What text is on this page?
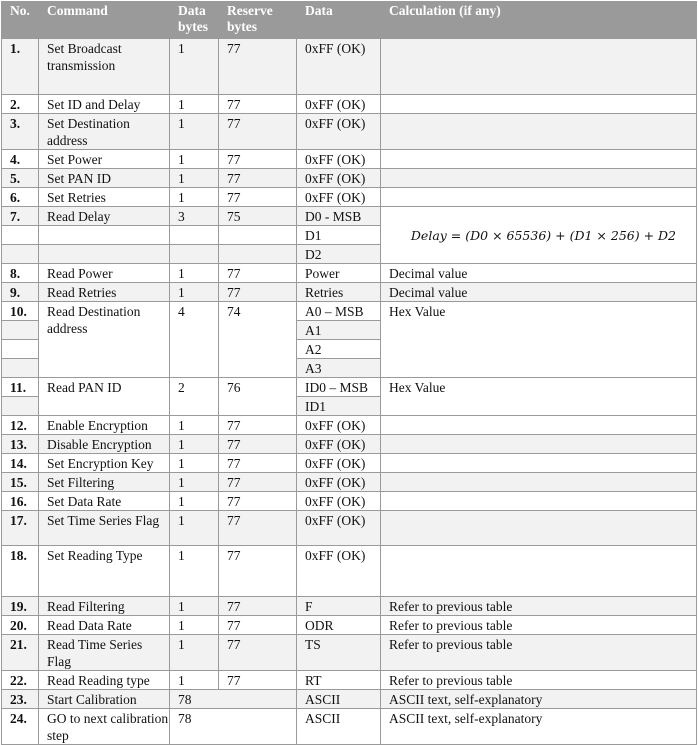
No.	Command	Data bytes	Reserve bytes	Data	Calculation (if any)
1.	Set Broadcast transmission	1	77	0xFF (OK)	
2.	Set ID and Delay	1	77	0xFF (OK)	
3.	Set Destination address	1	77	0xFF (OK)	
4.	Set Power	1	77	0xFF (OK)	
5.	Set PAN ID	1	77	0xFF (OK)	
6.	Set Retries	1	77	0xFF (OK)	
7.	Read Delay	3	75	D0 - MSB	Delay = (D0 × 65536) + (D1 × 256) + D2
				D1	
				D2	
8.	Read Power	1	77	Power	Decimal value
9.	Read Retries	1	77	Retries	Decimal value
10.	Read Destination address	4	74	A0 – MSB	Hex Value
				A1	
				A2	
				A3	
11.	Read PAN ID	2	76	ID0 – MSB	Hex Value
				ID1	
12.	Enable Encryption	1	77	0xFF (OK)	
13.	Disable Encryption	1	77	0xFF (OK)	
14.	Set Encryption Key	1	77	0xFF (OK)	
15.	Set Filtering	1	77	0xFF (OK)	
16.	Set Data Rate	1	77	0xFF (OK)	
17.	Set Time Series Flag	1	77	0xFF (OK)	
18.	Set Reading Type	1	77	0xFF (OK)	
19.	Read Filtering	1	77	F	Refer to previous table
20.	Read Data Rate	1	77	ODR	Refer to previous table
21.	Read Time Series Flag	1	77	TS	Refer to previous table
22.	Read Reading type	1	77	RT	Refer to previous table
23.	Start Calibration	78		ASCII	ASCII text, self-explanatory
24.	GO to next calibration step	78		ASCII	ASCII text, self-explanatory
